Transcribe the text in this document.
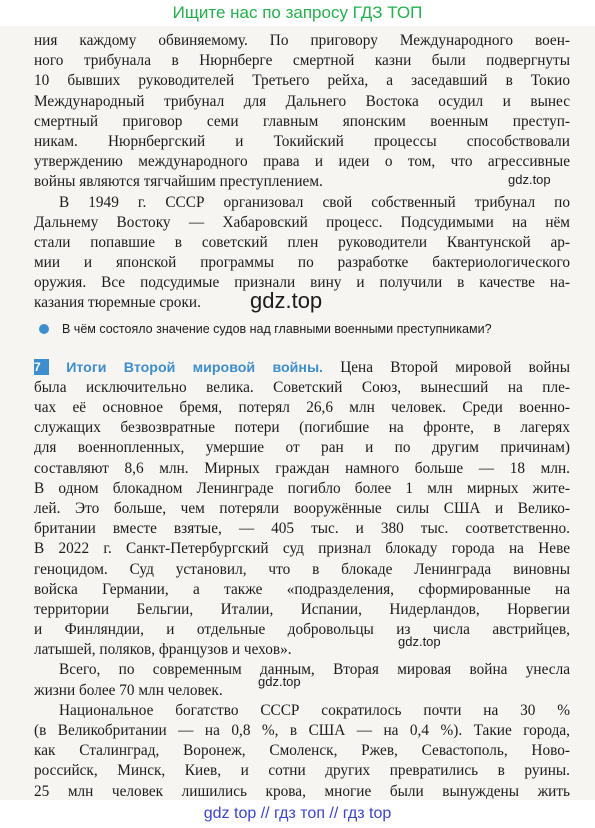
Ищите нас по запросу ГДЗ ТОП
ния каждому обвиняемому. По приговору Международного воен-
ного трибунала в Нюрнберге смертной казни были подвергнуты
10 бывших руководителей Третьего рейха, а заседавший в Токио
Международный трибунал для Дальнего Востока осудил и вынес
смертный приговор семи главным японским военным преступ-
никам. Нюрнбергский и Токийский процессы способствовали
утверждению международного права и идеи о том, что агрессивные
войны являются тягчайшим преступлением.
В 1949 г. СССР организовал свой собственный трибунал по
Дальнему Востоку — Хабаровский процесс. Подсудимыми на нём
стали попавшие в советский плен руководители Квантунской ар-
мии и японской программы по разработке бактериологического
оружия. Все подсудимые признали вину и получили в качестве на-
казания тюремные сроки.
В чём состояло значение судов над главными военными преступниками?
7 Итоги Второй мировой войны. Цена Второй мировой войны
была исключительно велика. Советский Союз, вынесший на пле-
чах её основное бремя, потерял 26,6 млн человек. Среди военно-
служащих безвозвратные потери (погибшие на фронте, в лагерях
для военнопленных, умершие от ран и по другим причинам)
составляют 8,6 млн. Мирных граждан намного больше — 18 млн.
В одном блокадном Ленинграде погибло более 1 млн мирных жите-
лей. Это больше, чем потеряли вооружённые силы США и Велико-
британии вместе взятые, — 405 тыс. и 380 тыс. соответственно.
В 2022 г. Санкт-Петербургский суд признал блокаду города на Неве
геноцидом. Суд установил, что в блокаде Ленинграда виновны
войска Германии, а также «подразделения, сформированные на
территории Бельгии, Италии, Испании, Нидерландов, Норвегии
и Финляндии, и отдельные добровольцы из числа австрийцев,
латышей, поляков, французов и чехов».
Всего, по современным данным, Вторая мировая война унесла
жизни более 70 млн человек.
Национальное богатство СССР сократилось почти на 30 %
(в Великобритании — на 0,8 %, в США — на 0,4 %). Такие города,
как Сталинград, Воронеж, Смоленск, Ржев, Севастополь, Ново-
российск, Минск, Киев, и сотни других превратились в руины.
25 млн человек лишились крова, многие были вынуждены жить
gdz.top
gdz.top
gdz.top
gdz.top
gdz top // гдз топ // гдз top
